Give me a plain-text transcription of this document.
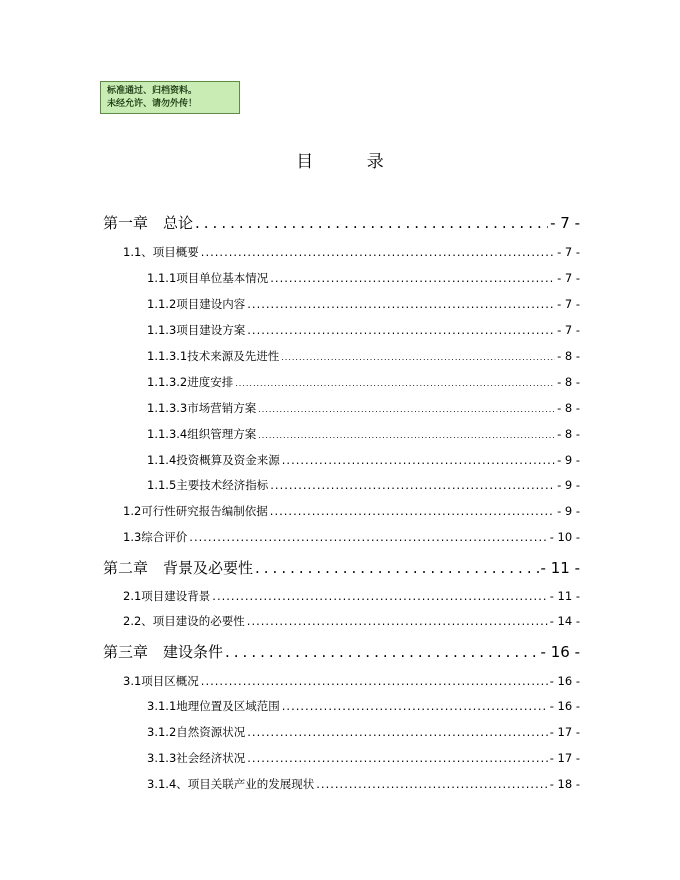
标准通过、归档资料。
未经允许、请勿外传！
目 录
第一章　总论 .....	- 7 -
1.1、项目概要 .....	- 7 -
1.1.1项目单位基本情况 .....	- 7 -
1.1.2项目建设内容 .....	- 7 -
1.1.3项目建设方案 .....	- 7 -
1.1.3.1技术来源及先进性 .....	- 8 -
1.1.3.2进度安排 .....	- 8 -
1.1.3.3市场营销方案 .....	- 8 -
1.1.3.4组织管理方案 .....	- 8 -
1.1.4投资概算及资金来源 .....	- 9 -
1.1.5主要技术经济指标 .....	- 9 -
1.2可行性研究报告编制依据 .....	- 9 -
1.3综合评价 .....	- 10 -
第二章　背景及必要性 .....	- 11 -
2.1项目建设背景 .....	- 11 -
2.2、项目建设的必要性 .....	- 14 -
第三章　建设条件 .....	- 16 -
3.1项目区概况 .....	- 16 -
3.1.1地理位置及区域范围 .....	- 16 -
3.1.2自然资源状况 .....	- 17 -
3.1.3社会经济状况 .....	- 17 -
3.1.4、项目关联产业的发展现状 .....	- 18 -
